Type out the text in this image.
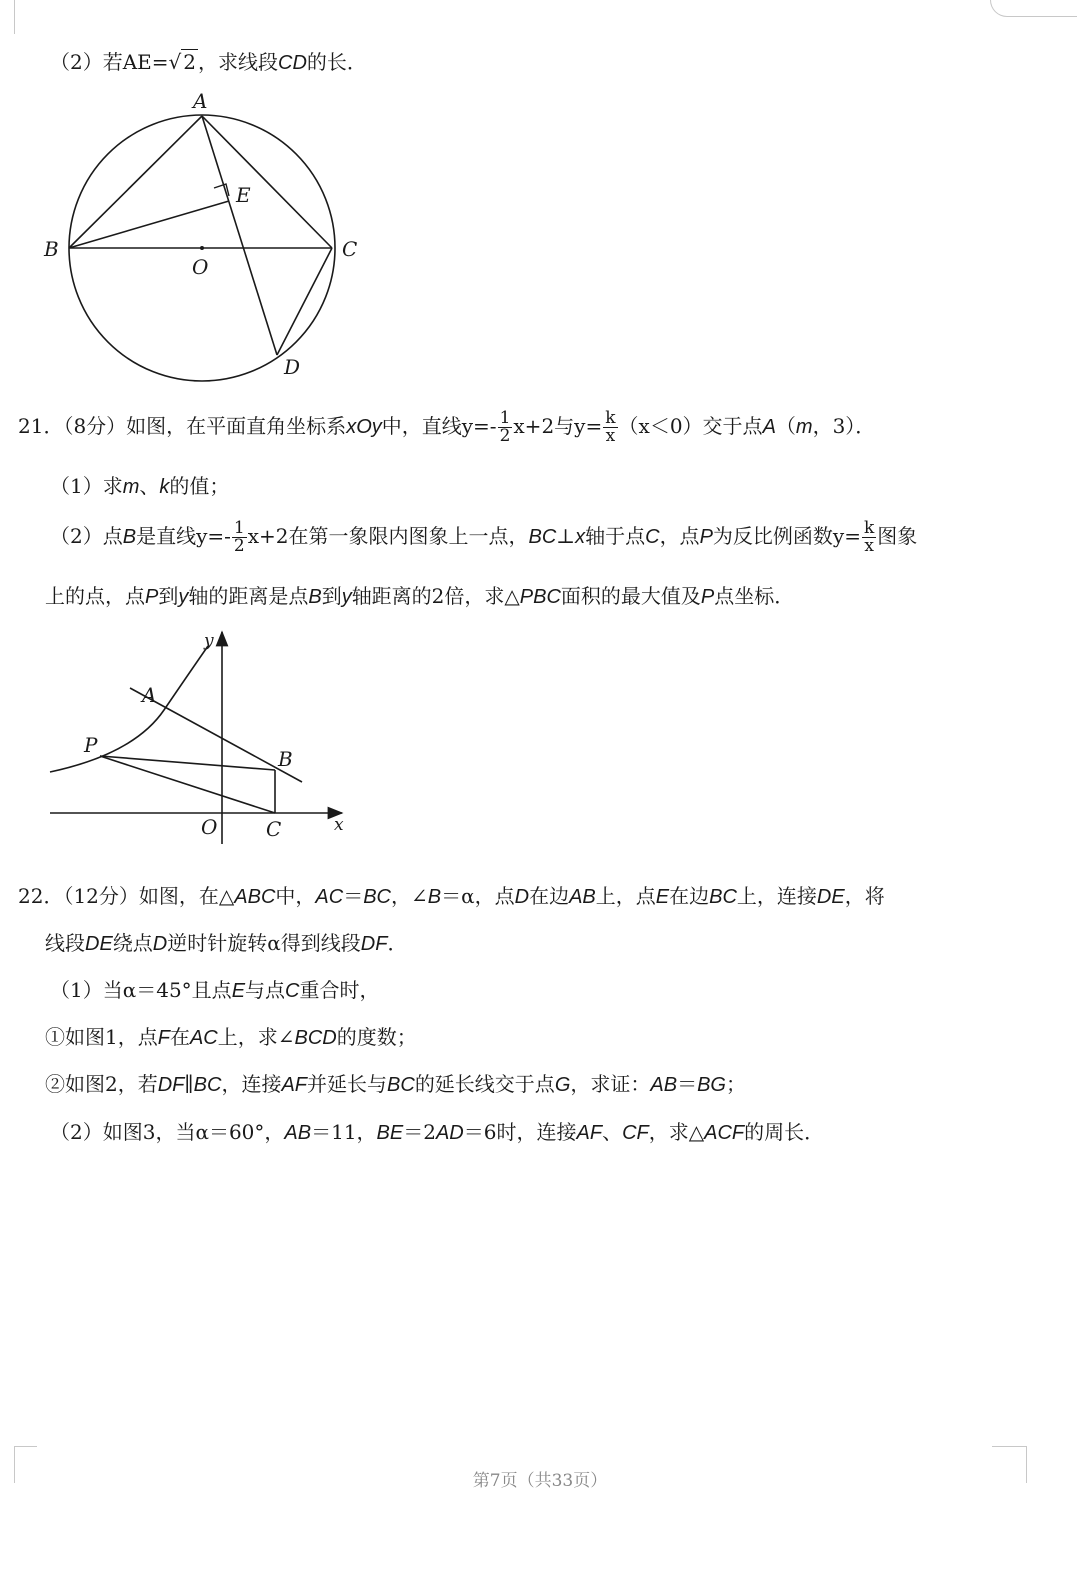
（2）若AE=√ 2 ，求线段CD的长．
A
B	C
D
E
O
21．（8分）如图，在平面直角坐标系xOy中，直线$y=- \frac{1}{2} x+2$与$y= \frac{k}{x} (x<0)$交于点A（m，3）．
（1）求m、k的值；
（2）点B是直线$y=- \frac{1}{2} x+2$在第一象限内图象上一点，BC⊥x轴于点C，点P为反比例函数$y= \frac{k}{x}$ 图象
上的点，点P到y轴的距离是点B到y轴距离的2倍，求△PBC面积的最大值及P点坐标．
y
A
P
B
O C	x
22．（12分）如图，在△ABC中，AC＝BC，∠B＝α，点D在边AB上，点E在边BC上，连接DE，将
线段DE绕点D逆时针旋转α得到线段DF．
（1）当α＝45°且点E与点C重合时，
①如图1，点F在AC上，求∠BCD的度数；
②如图2，若DF∥BC，连接AF并延长与BC的延长线交于点G，求证：AB＝BG；
（2）如图3，当α＝60°，AB＝11，BE＝2AD＝6时，连接AF、CF，求△ACF的周长．
第7页（共33页）
